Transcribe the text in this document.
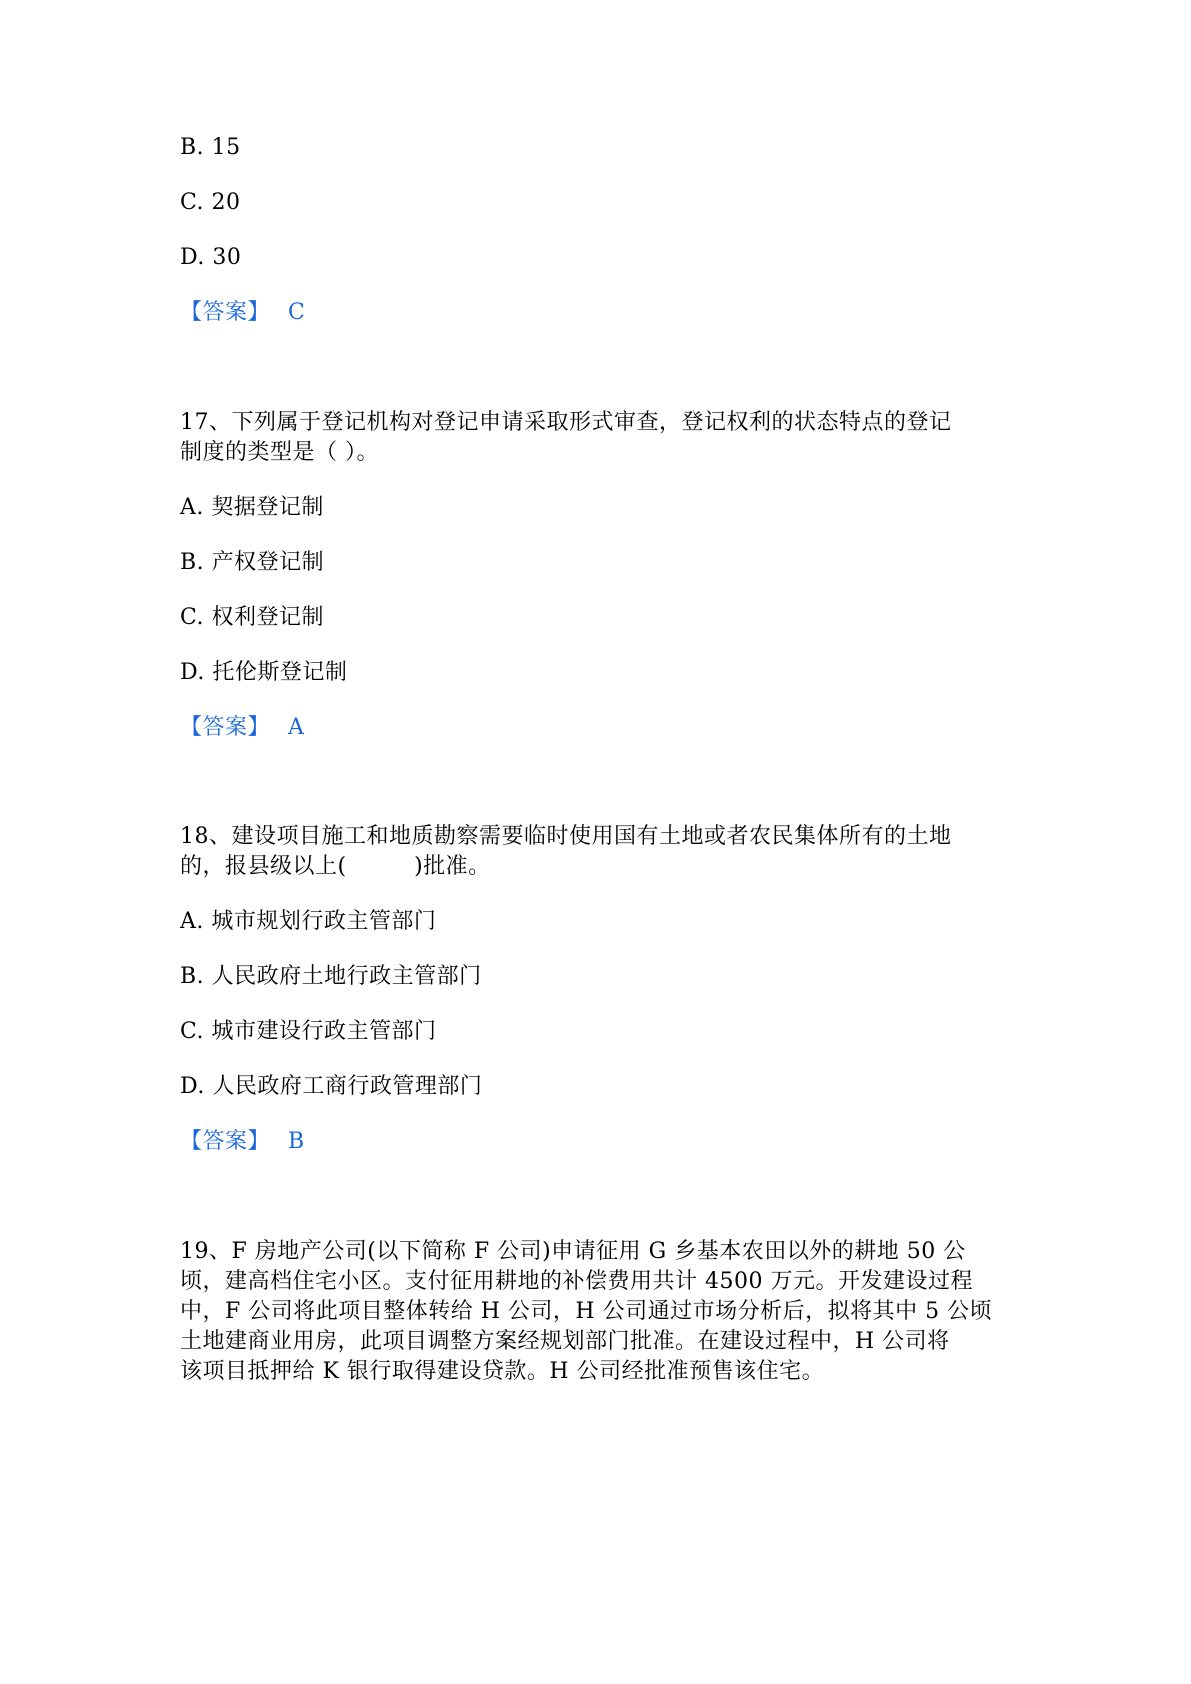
B. 15
C. 20
D. 30
【答案】 C
17、下列属于登记机构对登记申请采取形式审查，登记权利的状态特点的登记
制度的类型是（ ）。
A. 契据登记制
B. 产权登记制
C. 权利登记制
D. 托伦斯登记制
【答案】 A
18、建设项目施工和地质勘察需要临时使用国有土地或者农民集体所有的土地
的，报县级以上(　　　)批准。
A. 城市规划行政主管部门
B. 人民政府土地行政主管部门
C. 城市建设行政主管部门
D. 人民政府工商行政管理部门
【答案】 B
19、F 房地产公司(以下简称 F 公司)申请征用 G 乡基本农田以外的耕地 50 公
顷，建高档住宅小区。支付征用耕地的补偿费用共计 4500 万元。开发建设过程
中，F 公司将此项目整体转给 H 公司，H 公司通过市场分析后，拟将其中 5 公顷
土地建商业用房，此项目调整方案经规划部门批准。在建设过程中，H 公司将
该项目抵押给 K 银行取得建设贷款。H 公司经批准预售该住宅。
